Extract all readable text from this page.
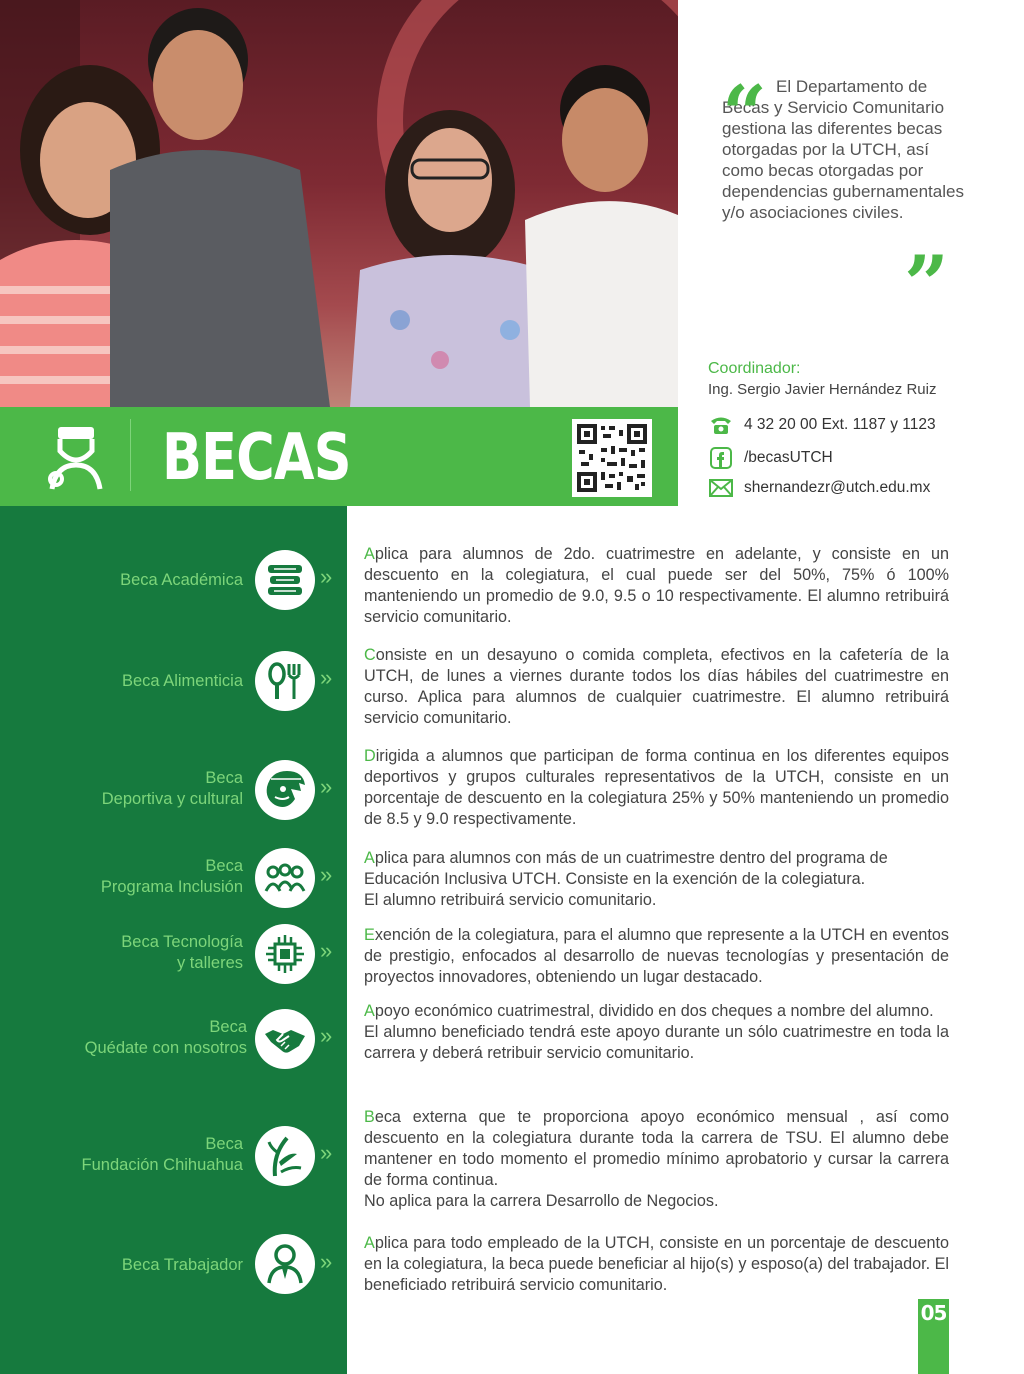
“ El Departamento de Becas y Servicio Comunitario gestiona las diferentes becas otorgadas por la UTCH, así como becas otorgadas por dependencias gubernamentales y/o asociaciones civiles.

”
Coordinador:
Ing. Sergio Javier Hernández Ruiz
4 32 20 00 Ext. 1187 y 1123
/becasUTCH
shernandezr@utch.edu.mx
BECAS
Beca Académica	»
Beca Alimenticia	»
Beca
Deportiva y cultural	»
Beca
Programa Inclusión	»
Beca Tecnología
y talleres	»
Beca
Quédate con nosotros	»
Beca
Fundación Chihuahua	»
Beca Trabajador	»
Aplica para alumnos de 2do. cuatrimestre en adelante, y consiste en un descuento en la colegiatura, el cual puede ser del 50%, 75% ó 100% manteniendo un promedio de 9.0, 9.5 o 10 respectivamente. El alumno retribuirá servicio comunitario.
Consiste en un desayuno o comida completa, efectivos en la cafetería de la UTCH, de lunes a viernes durante todos los días hábiles del cuatrimestre en curso. Aplica para alumnos de cualquier cuatrimestre. El alumno retribuirá servicio comunitario.
Dirigida a alumnos que participan de forma continua en los diferentes equipos deportivos y grupos culturales representativos de la UTCH, consiste en un porcentaje de descuento en la colegiatura 25% y 50% manteniendo un promedio de 8.5 y 9.0 respectivamente.
Aplica para alumnos con más de un cuatrimestre dentro del programa de Educación Inclusiva UTCH. Consiste en la exención de la colegiatura.
El alumno retribuirá servicio comunitario.
Exención de la colegiatura, para el alumno que represente a la UTCH en eventos de prestigio, enfocados al desarrollo de nuevas tecnologías y presentación de proyectos innovadores, obteniendo un lugar destacado.
Apoyo económico cuatrimestral, dividido en dos cheques a nombre del alumno.
El alumno beneficiado tendrá este apoyo durante un sólo cuatrimestre en toda la carrera y deberá retribuir servicio comunitario.
Beca externa que te proporciona apoyo económico mensual , así como descuento en la colegiatura durante toda la carrera de TSU. El alumno debe mantener en todo momento el promedio mínimo aprobatorio y cursar la carrera de forma continua.
No aplica para la carrera Desarrollo de Negocios.
Aplica para todo empleado de la UTCH, consiste en un porcentaje de descuento en la colegiatura, la beca puede beneficiar al hijo(s) y esposo(a) del trabajador. El beneficiado retribuirá servicio comunitario.
05
